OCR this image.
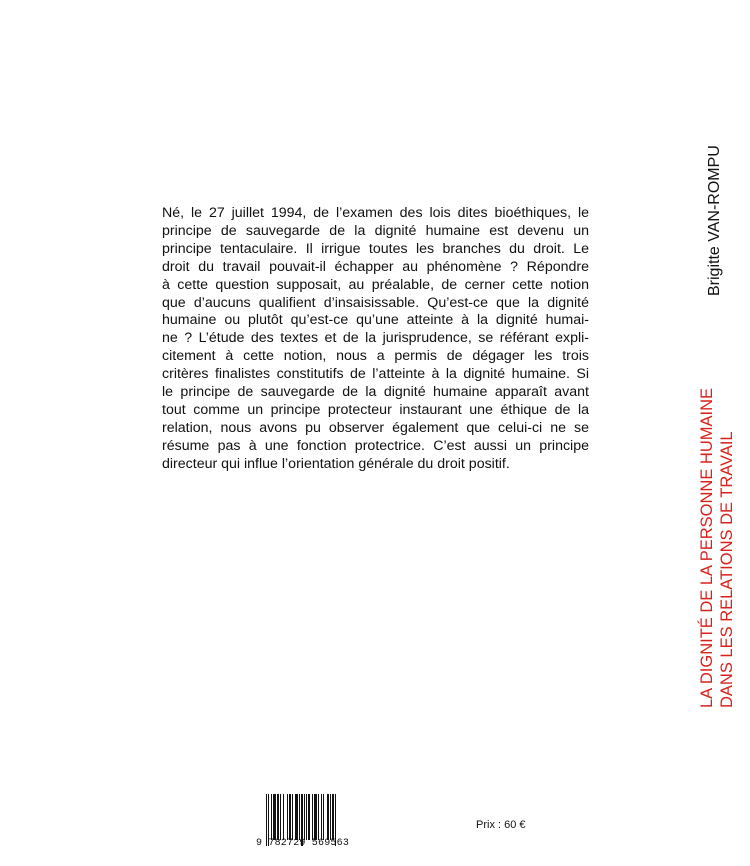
Né, le 27 juillet 1994, de l’examen des lois dites bioéthiques, le

principe de sauvegarde de la dignité humaine est devenu un

principe tentaculaire. Il irrigue toutes les branches du droit. Le

droit du travail pouvait-il échapper au phénomène ? Répondre

à cette question supposait, au préalable, de cerner cette notion

que d’aucuns qualifient d’insaisissable. Qu’est-ce que la dignité

humaine ou plutôt qu’est-ce qu’une atteinte à la dignité humai-

ne ? L’étude des textes et de la jurisprudence, se référant expli-

citement à cette notion, nous a permis de dégager les trois

critères finalistes constitutifs de l’atteinte à la dignité humaine. Si

le principe de sauvegarde de la dignité humaine apparaît avant

tout comme un principe protecteur instaurant une éthique de la

relation, nous avons pu observer également que celui-ci ne se

résume pas à une fonction protectrice. C’est aussi un principe

directeur qui influe l’orientation générale du droit positif.

Brigitte VAN-ROMPU
LA DIGNITÉ DE LA PERSONNE HUMAINE DANS LES RELATIONS DE TRAVAIL
9 782729 569563
Prix : 60 €
